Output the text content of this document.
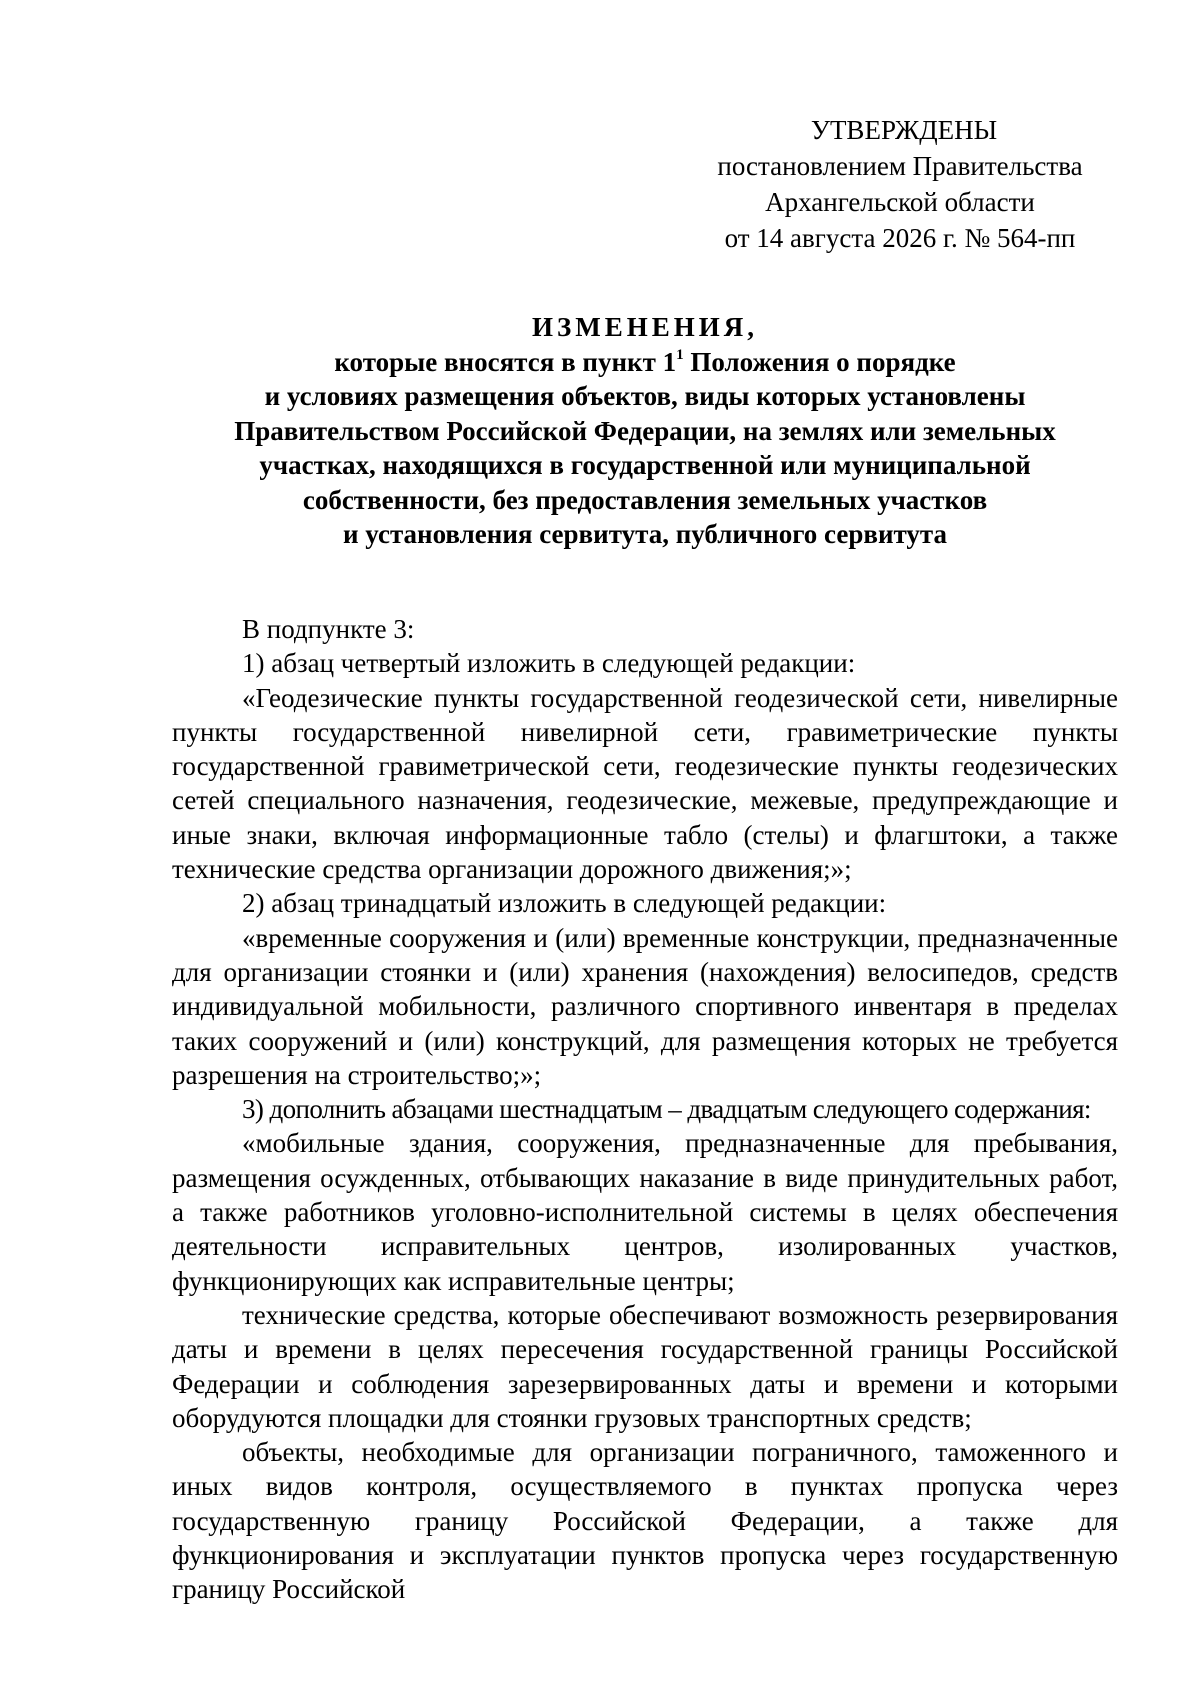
УТВЕРЖДЕНЫ
постановлением Правительства
Архангельской области
от 14 августа 2026 г. № 564-пп
ИЗМЕНЕНИЯ,
которые вносятся в пункт $1^1$ Положения о порядке
и условиях размещения объектов, виды которых установлены
Правительством Российской Федерации, на землях или земельных
участках, находящихся в государственной или муниципальной
собственности, без предоставления земельных участков
и установления сервитута, публичного сервитута

В подпункте 3:

1) абзац четвертый изложить в следующей редакции:

«Геодезические пункты государственной геодезической сети, нивелирные пункты государственной нивелирной сети, гравиметрические пункты государственной гравиметрической сети, геодезические пункты геодезических сетей специального назначения, геодезические, межевые, предупреждающие и иные знаки, включая информационные табло (стелы) и флагштоки, а также технические средства организации дорожного движения;»;

2) абзац тринадцатый изложить в следующей редакции:

«временные сооружения и (или) временные конструкции, предназначенные для организации стоянки и (или) хранения (нахождения) велосипедов, средств индивидуальной мобильности, различного спортивного инвентаря в пределах таких сооружений и (или) конструкций, для размещения которых не требуется разрешения на строительство;»;

3) дополнить абзацами шестнадцатым – двадцатым следующего содержания:

«мобильные здания, сооружения, предназначенные для пребывания, размещения осужденных, отбывающих наказание в виде принудительных работ, а также работников уголовно-исполнительной системы в целях обеспечения деятельности исправительных центров, изолированных участков, функционирующих как исправительные центры;

технические средства, которые обеспечивают возможность резервирования даты и времени в целях пересечения государственной границы Российской Федерации и соблюдения зарезервированных даты и времени и которыми оборудуются площадки для стоянки грузовых транспортных средств;

объекты, необходимые для организации пограничного, таможенного и иных видов контроля, осуществляемого в пунктах пропуска через государственную границу Российской Федерации, а также для функционирования и эксплуатации пунктов пропуска через государственную границу Российской
